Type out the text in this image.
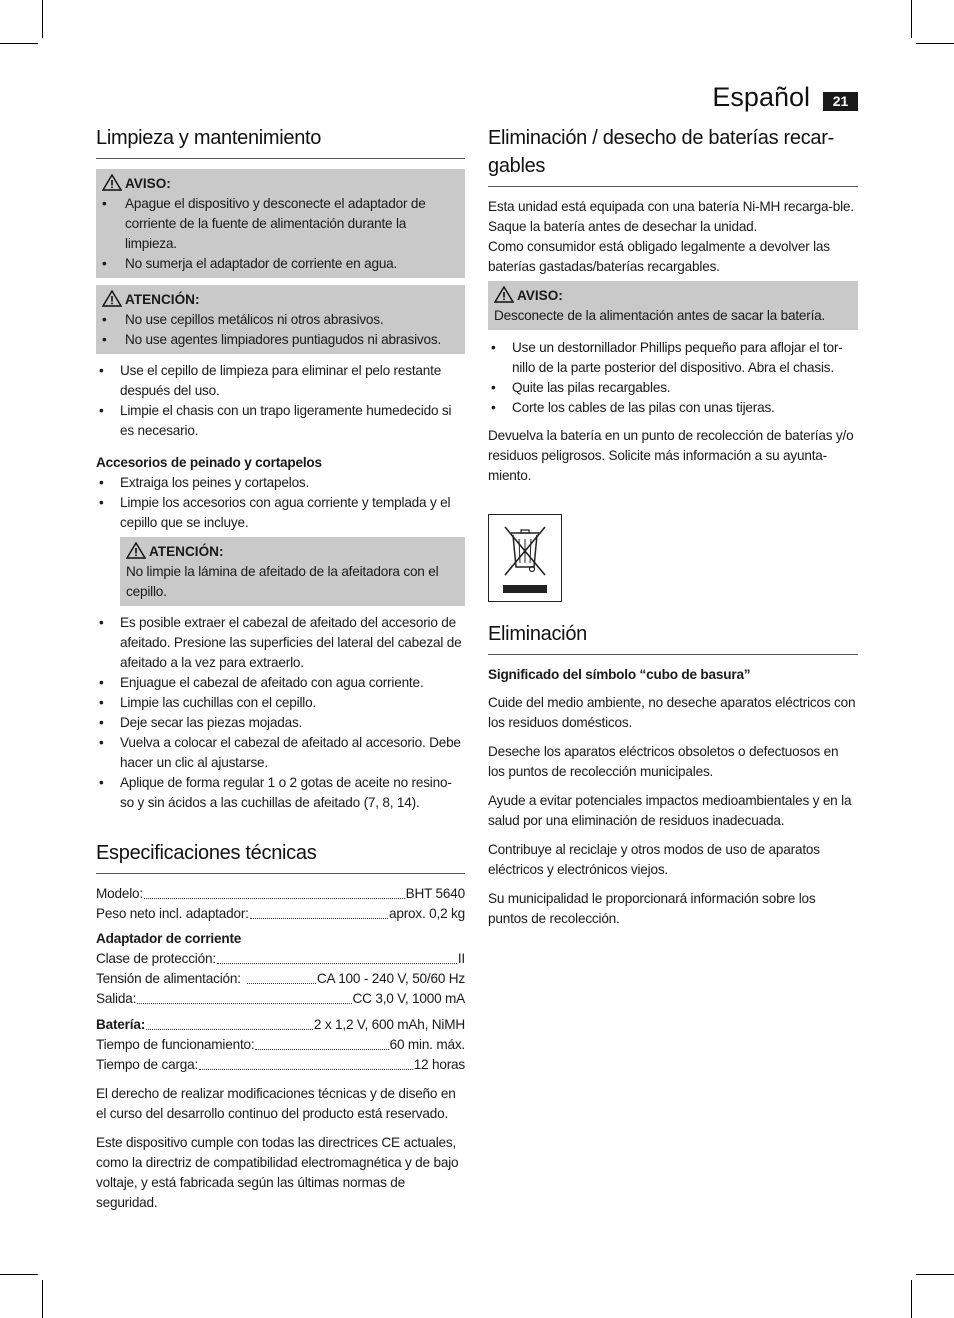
Español	21
Limpieza y mantenimiento
AVISO:
• Apague el dispositivo y desconecte el adaptador de corriente de la fuente de alimentación durante la limpieza.
• No sumerja el adaptador de corriente en agua.
ATENCIÓN:
• No use cepillos metálicos ni otros abrasivos.
• No use agentes limpiadores puntiagudos ni abrasivos.
• Use el cepillo de limpieza para eliminar el pelo restante después del uso.
• Limpie el chasis con un trapo ligeramente humedecido si es necesario.
Accesorios de peinado y cortapelos
• Extraiga los peines y cortapelos.
• Limpie los accesorios con agua corriente y templada y el cepillo que se incluye.
ATENCIÓN:
No limpie la lámina de afeitado de la afeitadora con el cepillo.
• Es posible extraer el cabezal de afeitado del accesorio de afeitado. Presione las superficies del lateral del cabezal de afeitado a la vez para extraerlo.
• Enjuague el cabezal de afeitado con agua corriente.
• Limpie las cuchillas con el cepillo.
• Deje secar las piezas mojadas.
• Vuelva a colocar el cabezal de afeitado al accesorio. Debe hacer un clic al ajustarse.
• Aplique de forma regular 1 o 2 gotas de aceite no resino-so y sin ácidos a las cuchillas de afeitado (7, 8, 14).
Especificaciones técnicas
Modelo:	BHT 5640
Peso neto incl. adaptador:	aprox. 0,2 kg
Adaptador de corriente
Clase de protección:	II
Tensión de alimentación:	CA 100 - 240 V, 50/60 Hz
Salida:	CC 3,0 V, 1000 mA
Batería:	2 x 1,2 V, 600 mAh, NiMH
Tiempo de funcionamiento:	60 min. máx.
Tiempo de carga:	12 horas

El derecho de realizar modificaciones técnicas y de diseño en el curso del desarrollo continuo del producto está reservado.

Este dispositivo cumple con todas las directrices CE actuales, como la directriz de compatibilidad electromagnética y de bajo voltaje, y está fabricada según las últimas normas de seguridad.

Eliminación / desecho de baterías recar-gables

Esta unidad está equipada con una batería Ni-MH recarga-ble.

Saque la batería antes de desechar la unidad.

Como consumidor está obligado legalmente a devolver las baterías gastadas/baterías recargables.

AVISO:
Desconecte de la alimentación antes de sacar la batería.
• Use un destornillador Phillips pequeño para aflojar el tor-nillo de la parte posterior del dispositivo. Abra el chasis.
• Quite las pilas recargables.
• Corte los cables de las pilas con unas tijeras.

Devuelva la batería en un punto de recolección de baterías y/o residuos peligrosos. Solicite más información a su ayunta-miento.

Eliminación
Significado del símbolo “cubo de basura”

Cuide del medio ambiente, no deseche aparatos eléctricos con los residuos domésticos.

Deseche los aparatos eléctricos obsoletos o defectuosos en los puntos de recolección municipales.

Ayude a evitar potenciales impactos medioambientales y en la salud por una eliminación de residuos inadecuada.

Contribuye al reciclaje y otros modos de uso de aparatos eléctricos y electrónicos viejos.

Su municipalidad le proporcionará información sobre los puntos de recolección.
